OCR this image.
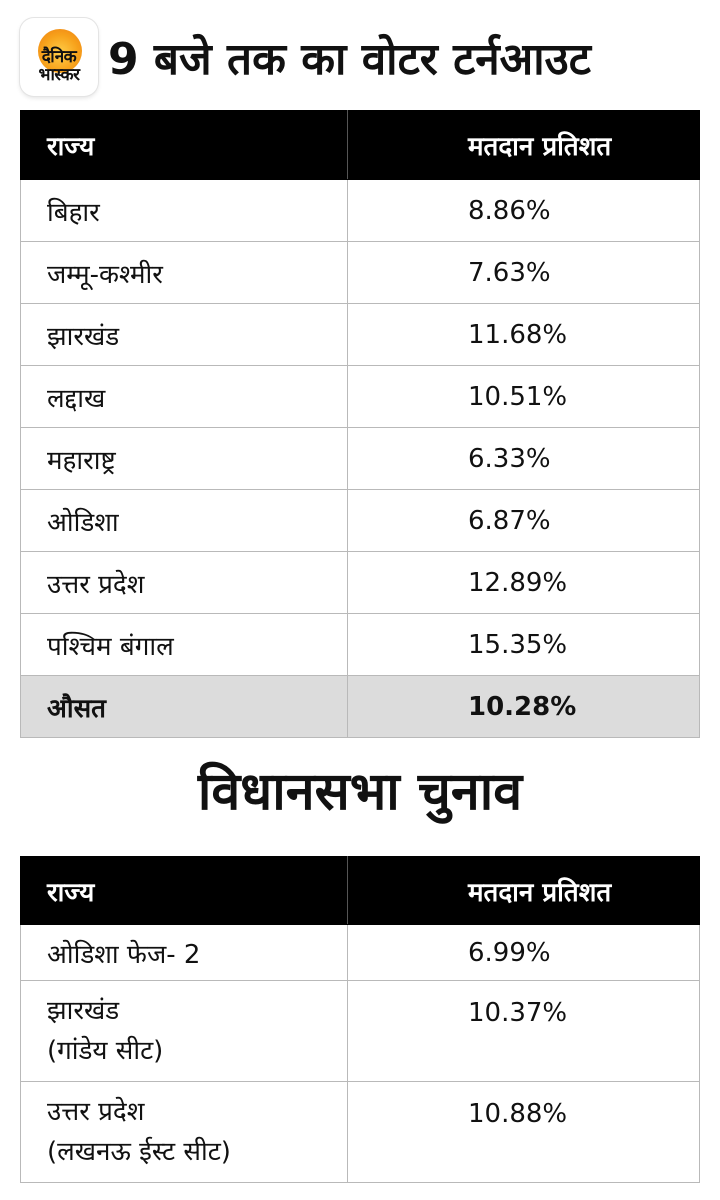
दैनिक
भास्कर 9 बजे तक का वोटर टर्नआउट
राज्य	मतदान प्रतिशत
बिहार	8.86%
जम्मू-कश्मीर	7.63%
झारखंड	11.68%
लद्दाख	10.51%
महाराष्ट्र	6.33%
ओडिशा	6.87%
उत्तर प्रदेश	12.89%
पश्चिम बंगाल	15.35%
औसत	10.28%
विधानसभा चुनाव
राज्य	मतदान प्रतिशत
ओडिशा फेज- 2	6.99%

झारखंड
(गांडेय सीट)	10.37%

उत्तर प्रदेश
(लखनऊ ईस्ट सीट)	10.88%
